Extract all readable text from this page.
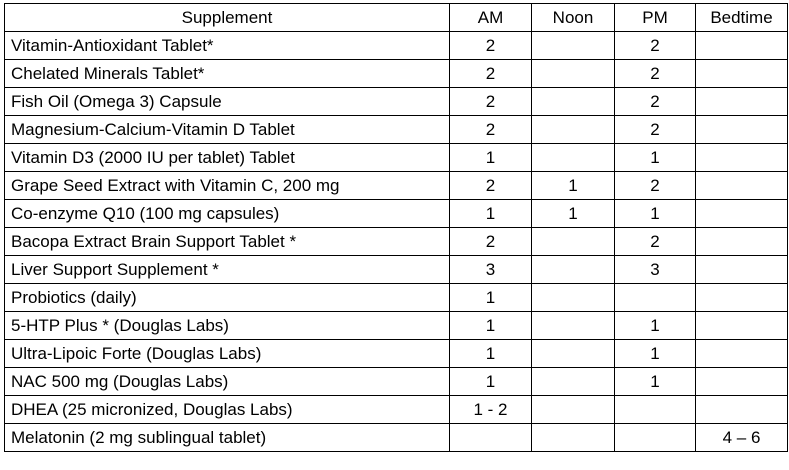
Supplement	AM	Noon	PM	Bedtime
Vitamin-Antioxidant Tablet*	2		2	
Chelated Minerals Tablet*	2		2	
Fish Oil (Omega 3) Capsule	2		2	
Magnesium-Calcium-Vitamin D Tablet	2		2	
Vitamin D3 (2000 IU per tablet) Tablet	1		1	
Grape Seed Extract with Vitamin C, 200 mg	2	1	2	
Co-enzyme Q10 (100 mg capsules)	1	1	1	
Bacopa Extract Brain Support Tablet *	2		2	
Liver Support Supplement *	3		3	
Probiotics (daily)	1			
5-HTP Plus * (Douglas Labs)	1		1	
Ultra-Lipoic Forte (Douglas Labs)	1		1	
NAC 500 mg (Douglas Labs)	1		1	
DHEA (25 micronized, Douglas Labs)	1 - 2			
Melatonin (2 mg sublingual tablet)				4 – 6
